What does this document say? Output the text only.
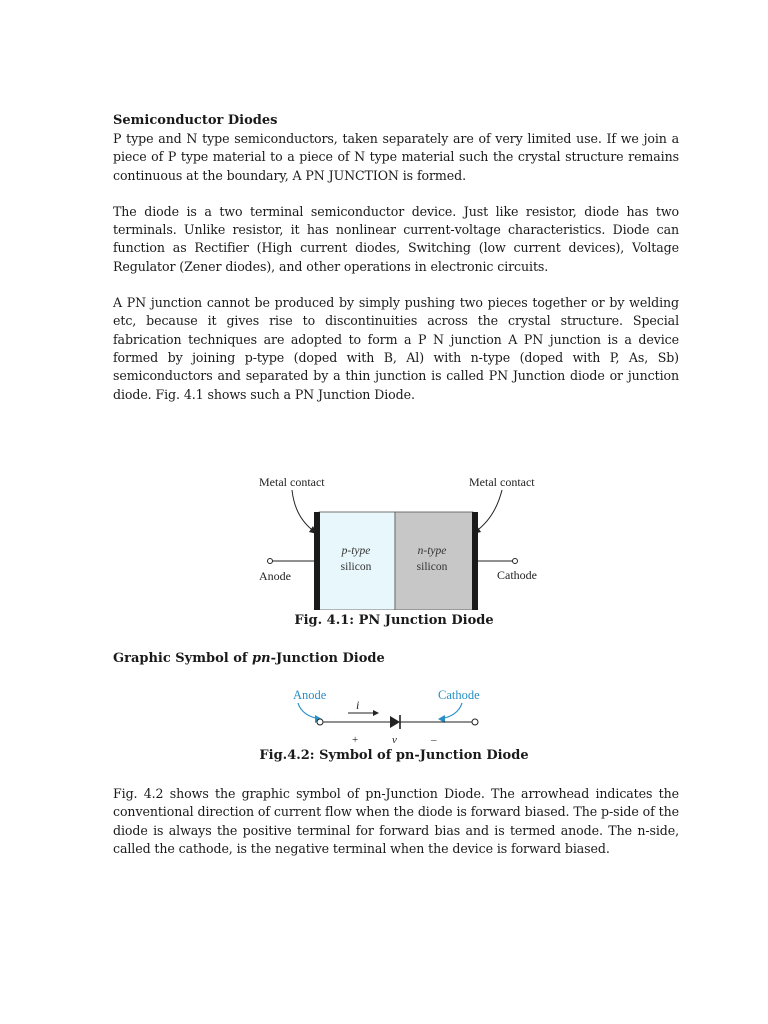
Semiconductor Diodes

P type and N type semiconductors, taken separately are of very limited use. If we join a piece of P type material to a piece of N type material such the crystal structure remains continuous at the boundary, A PN JUNCTION is formed.

The diode is a two terminal semiconductor device. Just like resistor, diode has two terminals. Unlike resistor, it has nonlinear current-voltage characteristics. Diode can function as Rectifier (High current diodes, Switching (low current devices), Voltage Regulator (Zener diodes), and other operations in electronic circuits.

A PN junction cannot be produced by simply pushing two pieces together or by welding etc, because it gives rise to discontinuities across the crystal structure. Special fabrication techniques are adopted to form a P N junction A PN junction is a device formed by joining p-type (doped with B, Al) with n-type (doped with P, As, Sb) semiconductors and separated by a thin junction is called PN Junction diode or junction diode. Fig. 4.1 shows such a PN Junction Diode.

Metal contact	Metal contact
Anode	Cathode
p-type
silicon
n-type
silicon
Fig. 4.1: PN Junction Diode

Graphic Symbol of pn-Junction Diode

Anode	Cathode
i
+	v	–
Fig.4.2: Symbol of pn-Junction Diode

Fig. 4.2 shows the graphic symbol of pn-Junction Diode. The arrowhead indicates the conventional direction of current flow when the diode is forward biased. The p-side of the diode is always the positive terminal for forward bias and is termed anode. The n-side, called the cathode, is the negative terminal when the device is forward biased.
